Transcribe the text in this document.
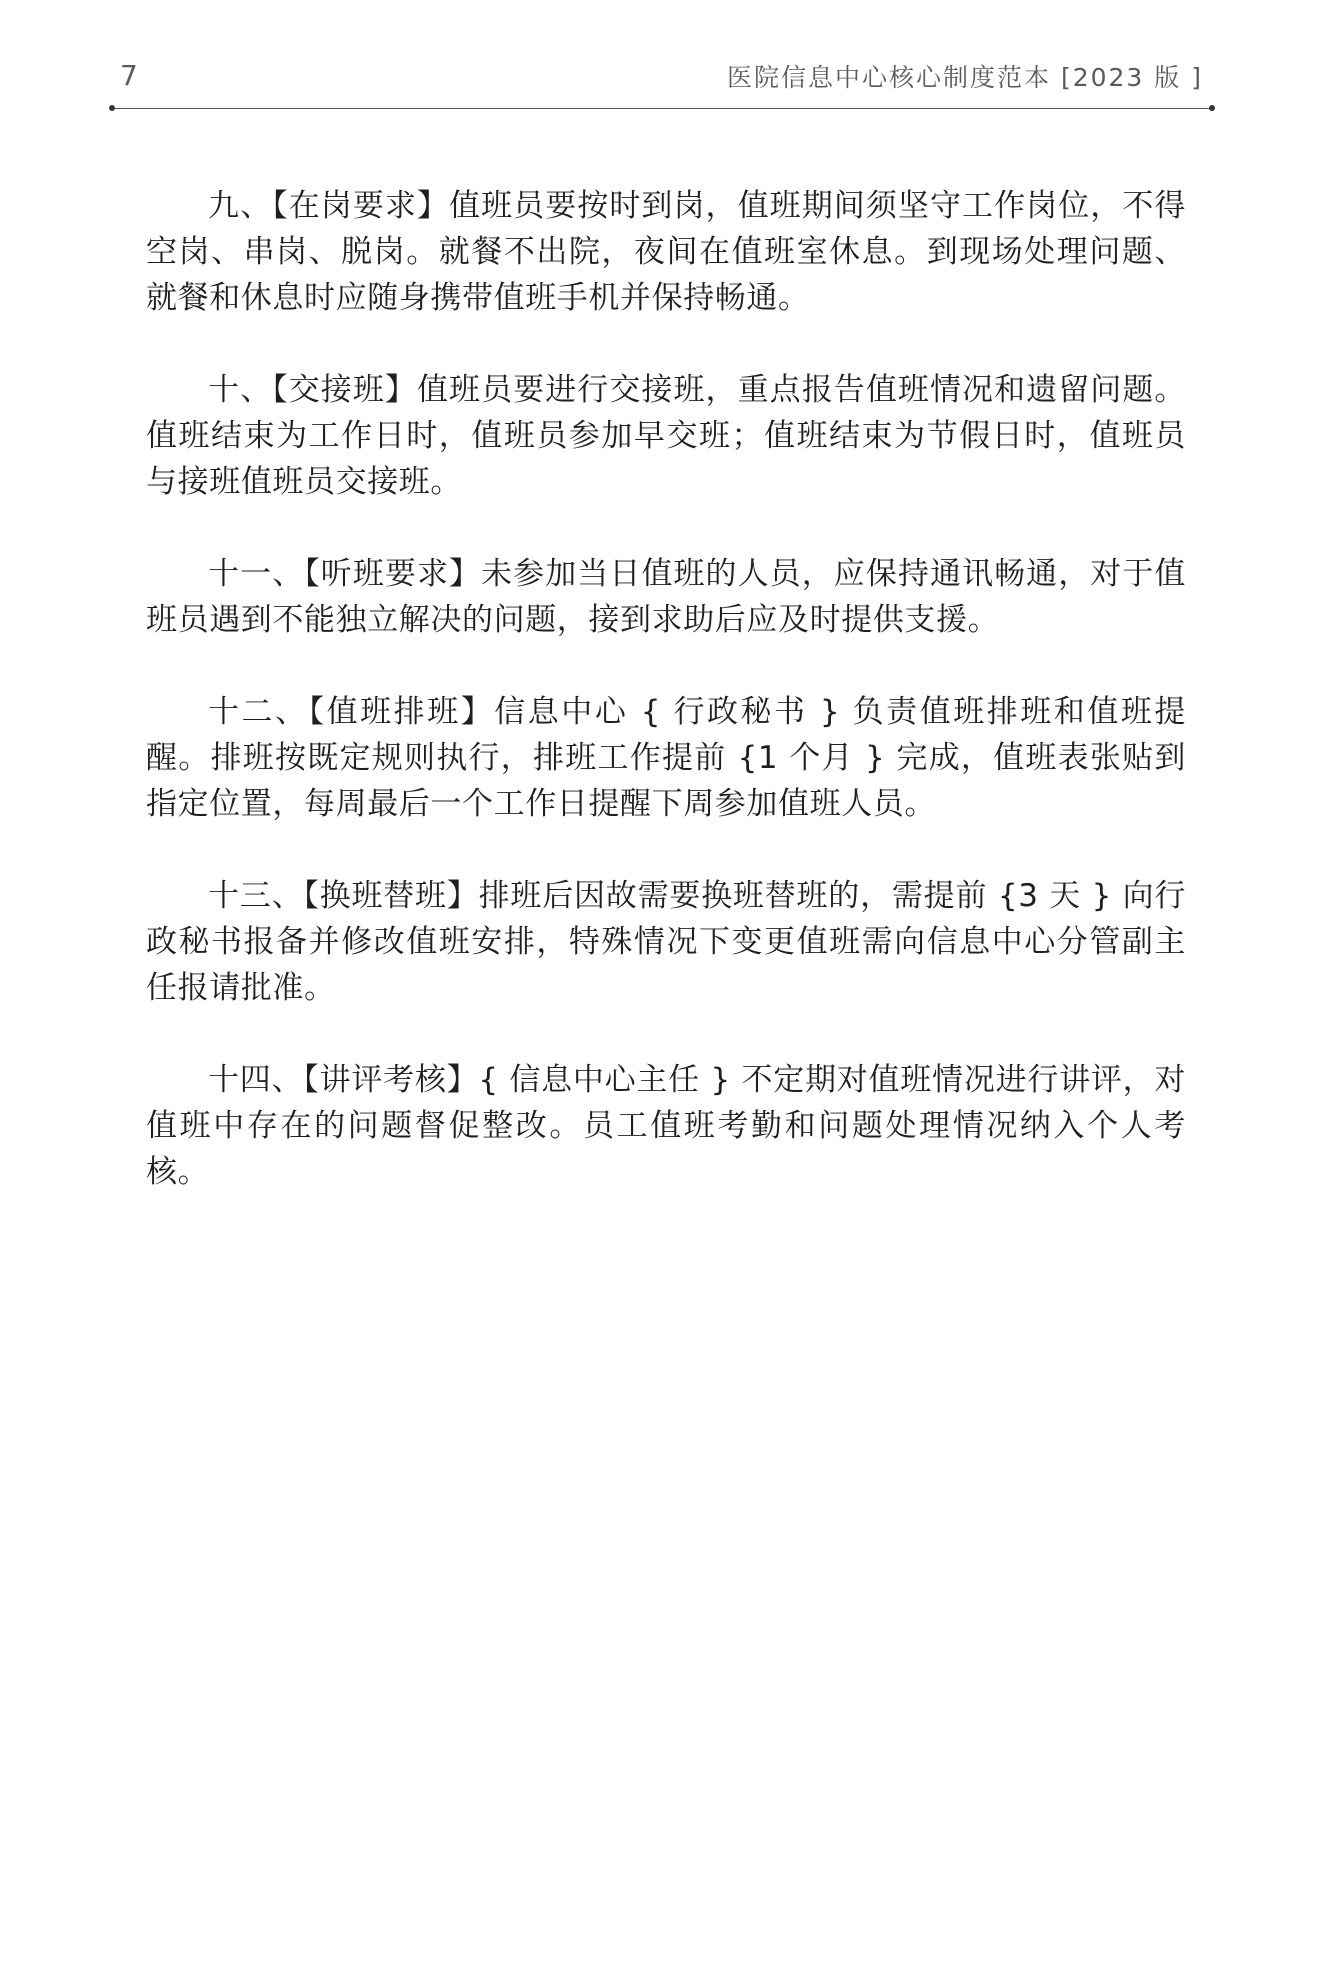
7	医院信息中心核心制度范本 [2023 版 ]

九、【在岗要求】值班员要按时到岗，值班期间须坚守工作岗位，不得空岗、串岗、脱岗。就餐不出院，夜间在值班室休息。到现场处理问题、就餐和休息时应随身携带值班手机并保持畅通。

十、【交接班】值班员要进行交接班，重点报告值班情况和遗留问题。值班结束为工作日时，值班员参加早交班；值班结束为节假日时，值班员与接班值班员交接班。

十一、【听班要求】未参加当日值班的人员，应保持通讯畅通，对于值班员遇到不能独立解决的问题，接到求助后应及时提供支援。

十二、【值班排班】信息中心 { 行政秘书 } 负责值班排班和值班提醒。排班按既定规则执行，排班工作提前 {1 个月 } 完成，值班表张贴到指定位置，每周最后一个工作日提醒下周参加值班人员。

十三、【换班替班】排班后因故需要换班替班的，需提前 {3 天 } 向行政秘书报备并修改值班安排，特殊情况下变更值班需向信息中心分管副主任报请批准。

十四、【讲评考核】{ 信息中心主任 } 不定期对值班情况进行讲评，对值班中存在的问题督促整改。员工值班考勤和问题处理情况纳入个人考核。
